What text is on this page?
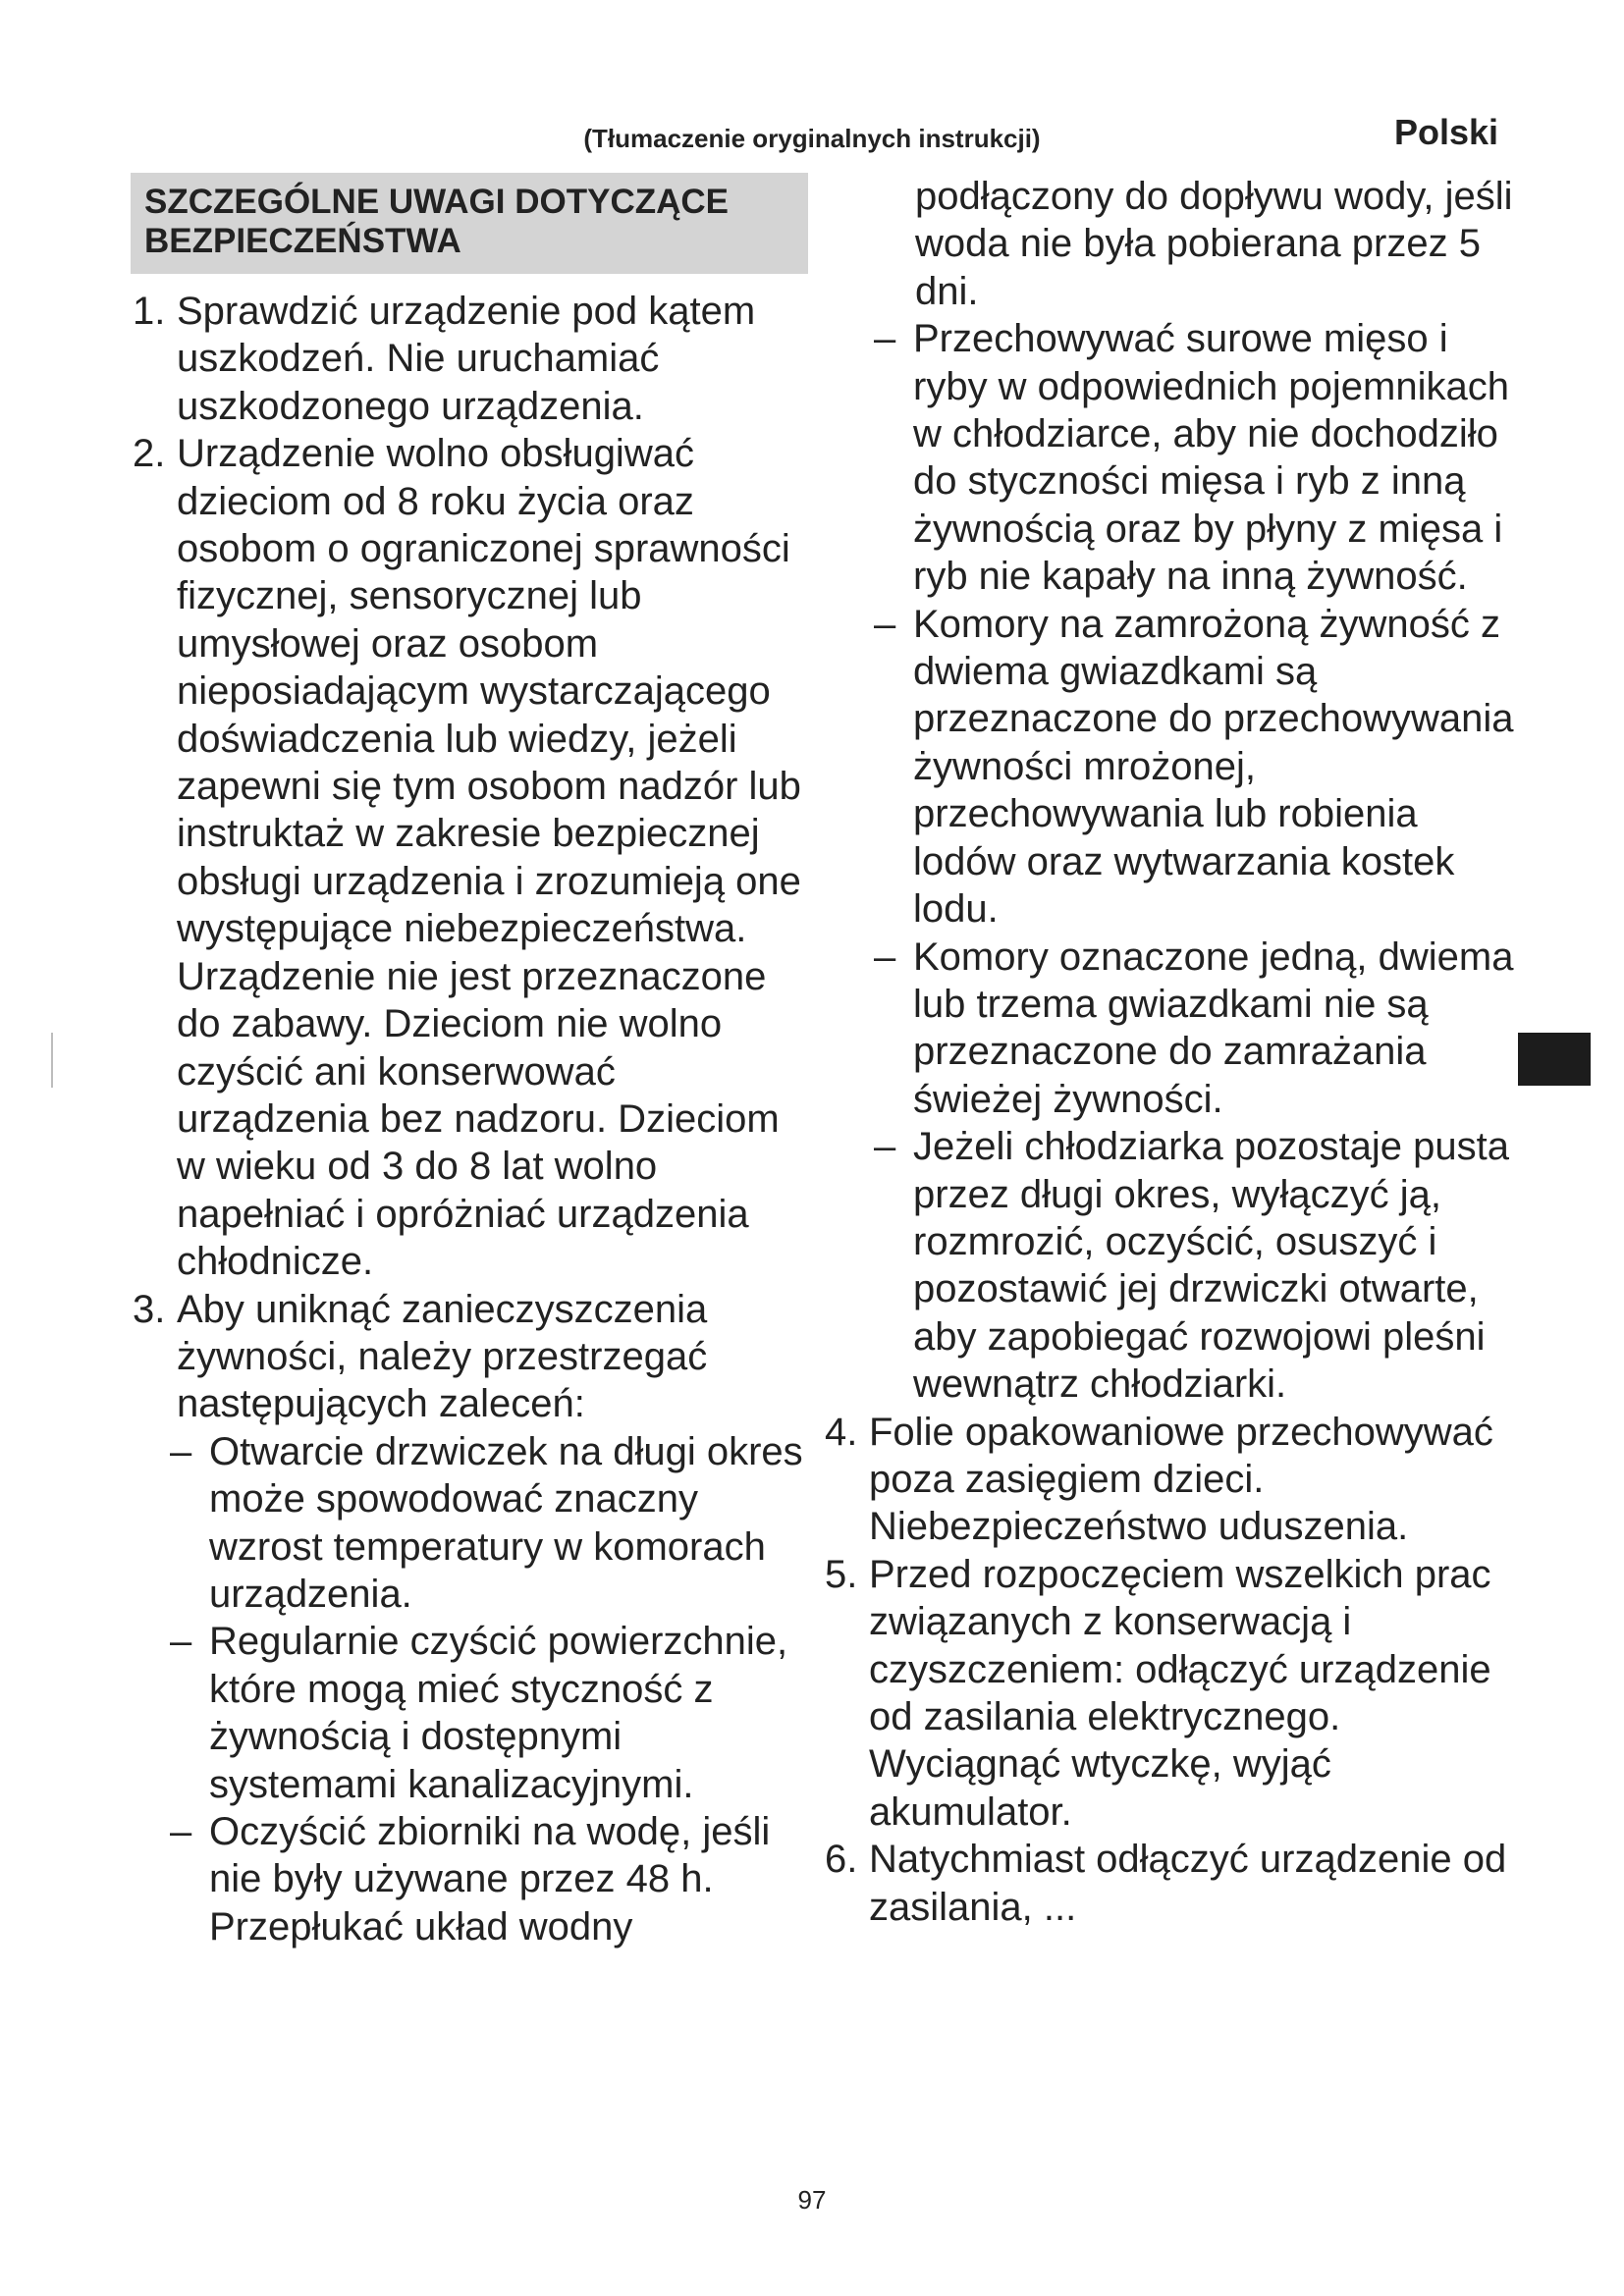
(Tłumaczenie oryginalnych instrukcji)	Polski
SZCZEGÓLNE UWAGI DOTYCZĄCE BEZPIECZEŃSTWA
1. Sprawdzić urządzenie pod kątem uszkodzeń. Nie uruchamiać uszkodzonego urządzenia.
2. Urządzenie wolno obsługiwać dzieciom od 8 roku życia oraz osobom o ograniczonej sprawności fizycznej, sensorycznej lub umysłowej oraz osobom nieposiadającym wystarczającego doświadczenia lub wiedzy, jeżeli zapewni się tym osobom nadzór lub instruktaż w zakresie bezpiecznej obsługi urządzenia i zrozumieją one występujące niebezpieczeństwa. Urządzenie nie jest przeznaczone do zabawy. Dzieciom nie wolno czyścić ani konserwować urządzenia bez nadzoru. Dzieciom w wieku od 3 do 8 lat wolno napełniać i opróżniać urządzenia chłodnicze.
3. Aby uniknąć zanieczyszczenia żywności, należy przestrzegać następujących zaleceń:
– Otwarcie drzwiczek na długi okres może spowodować znaczny wzrost temperatury w komorach urządzenia.
– Regularnie czyścić powierzchnie, które mogą mieć styczność z żywnością i dostępnymi systemami kanalizacyjnymi.
– Oczyścić zbiorniki na wodę, jeśli nie były używane przez 48 h. Przepłukać układ wodny
podłączony do dopływu wody, jeśli woda nie była pobierana przez 5 dni.
– Przechowywać surowe mięso i ryby w odpowiednich pojemnikach w chłodziarce, aby nie dochodziło do styczności mięsa i ryb z inną żywnością oraz by płyny z mięsa i ryb nie kapały na inną żywność.
– Komory na zamrożoną żywność z dwiema gwiazdkami są przeznaczone do przechowywania żywności mrożonej, przechowywania lub robienia lodów oraz wytwarzania kostek lodu.
– Komory oznaczone jedną, dwiema lub trzema gwiazdkami nie są przeznaczone do zamrażania świeżej żywności.
– Jeżeli chłodziarka pozostaje pusta przez długi okres, wyłączyć ją, rozmrozić, oczyścić, osuszyć i pozostawić jej drzwiczki otwarte, aby zapobiegać rozwojowi pleśni wewnątrz chłodziarki.
4. Folie opakowaniowe przechowywać poza zasięgiem dzieci. Niebezpieczeństwo uduszenia.
5. Przed rozpoczęciem wszelkich prac związanych z konserwacją i czyszczeniem: odłączyć urządzenie od zasilania elektrycznego. Wyciągnąć wtyczkę, wyjąć akumulator.
6. Natychmiast odłączyć urządzenie od zasilania, ...
97
